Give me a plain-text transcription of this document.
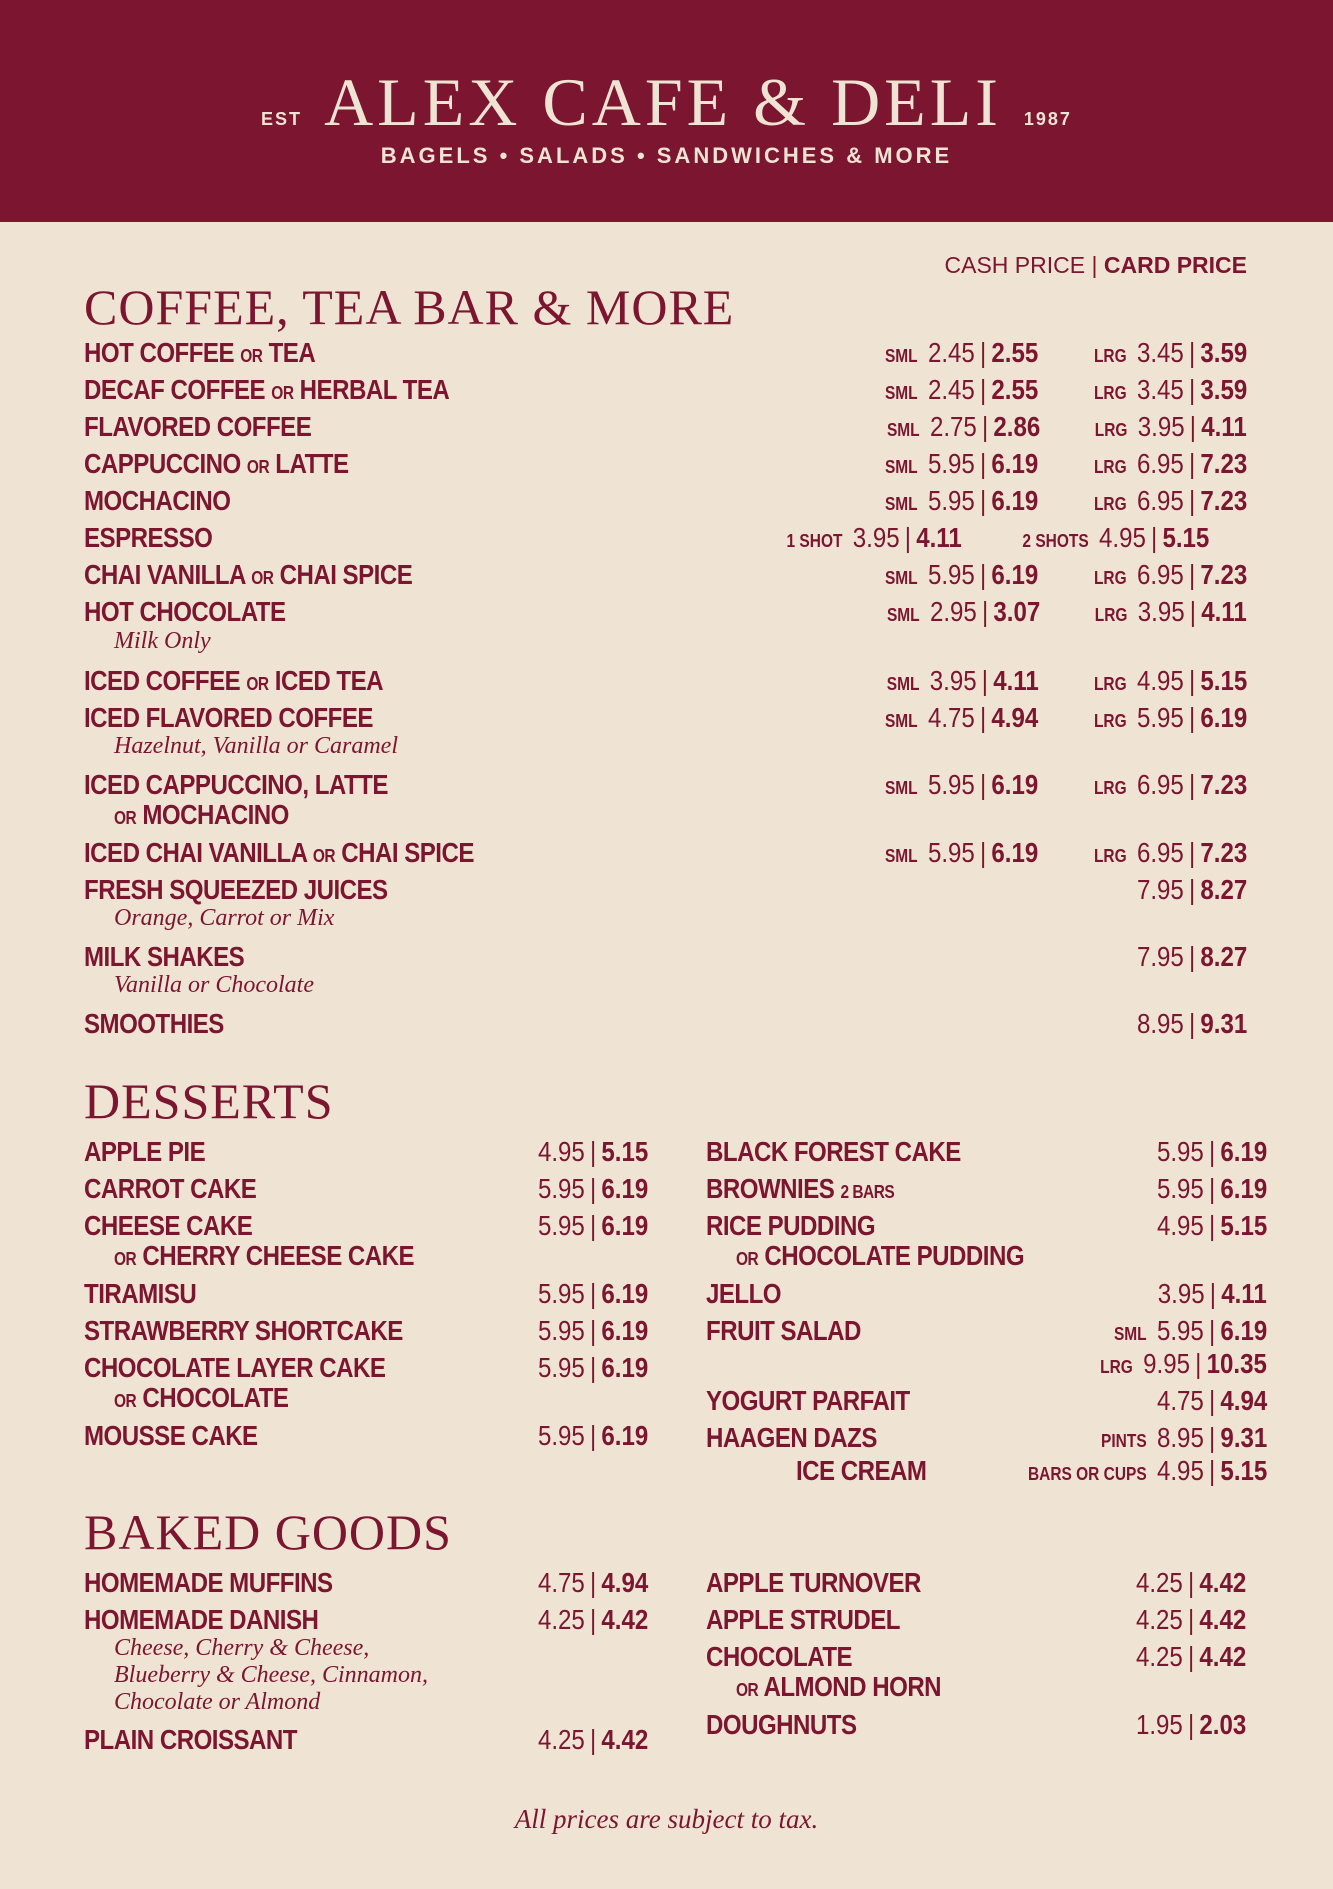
EST ALEX CAFE & DELI 1987
BAGELS • SALADS • SANDWICHES & MORE
CASH PRICE | CARD PRICE
COFFEE, TEA BAR & MORE
HOT COFFEE OR TEA	SML 2.45 | 2.55	LRG 3.45 | 3.59
DECAF COFFEE OR HERBAL TEA	SML 2.45 | 2.55	LRG 3.45 | 3.59
FLAVORED COFFEE	SML 2.75 | 2.86	LRG 3.95 | 4.11
CAPPUCCINO OR LATTE	SML 5.95 | 6.19	LRG 6.95 | 7.23
MOCHACINO	SML 5.95 | 6.19	LRG 6.95 | 7.23
ESPRESSO	1 SHOT 3.95 | 4.11	2 SHOTS 4.95 | 5.15
CHAI VANILLA OR CHAI SPICE	SML 5.95 | 6.19	LRG 6.95 | 7.23
HOT CHOCOLATE
Milk Only
SML 2.95 | 3.07	LRG 3.95 | 4.11
ICED COFFEE OR ICED TEA	SML 3.95 | 4.11	LRG 4.95 | 5.15
ICED FLAVORED COFFEE
Hazelnut, Vanilla or Caramel
SML 4.75 | 4.94	LRG 5.95 | 6.19
ICED CAPPUCCINO, LATTE
OR MOCHACINO
SML 5.95 | 6.19	LRG 6.95 | 7.23
ICED CHAI VANILLA OR CHAI SPICE	SML 5.95 | 6.19	LRG 6.95 | 7.23
FRESH SQUEEZED JUICES
Orange, Carrot or Mix
7.95 | 8.27
MILK SHAKES
Vanilla or Chocolate
7.95 | 8.27
SMOOTHIES	8.95 | 9.31
DESSERTS
APPLE PIE	4.95 | 5.15
CARROT CAKE	5.95 | 6.19
CHEESE CAKE
OR CHERRY CHEESE CAKE
5.95 | 6.19
TIRAMISU	5.95 | 6.19
STRAWBERRY SHORTCAKE	5.95 | 6.19
CHOCOLATE LAYER CAKE
OR CHOCOLATE
5.95 | 6.19
MOUSSE CAKE	5.95 | 6.19
BLACK FOREST CAKE	5.95 | 6.19
BROWNIES 2 BARS	5.95 | 6.19
RICE PUDDING
OR CHOCOLATE PUDDING
4.95 | 5.15
JELLO	3.95 | 4.11
FRUIT SALAD	SML 5.95 | 6.19
LRG 9.95 | 10.35
YOGURT PARFAIT	4.75 | 4.94
HAAGEN DAZS
ICE CREAM
PINTS 8.95 | 9.31
BARS OR CUPS 4.95 | 5.15
BAKED GOODS
HOMEMADE MUFFINS	4.75 | 4.94
HOMEMADE DANISH
Cheese, Cherry & Cheese,
Blueberry & Cheese, Cinnamon,
Chocolate or Almond
4.25 | 4.42
PLAIN CROISSANT	4.25 | 4.42
APPLE TURNOVER	4.25 | 4.42
APPLE STRUDEL	4.25 | 4.42
CHOCOLATE
OR ALMOND HORN
4.25 | 4.42
DOUGHNUTS	1.95 | 2.03
All prices are subject to tax.
